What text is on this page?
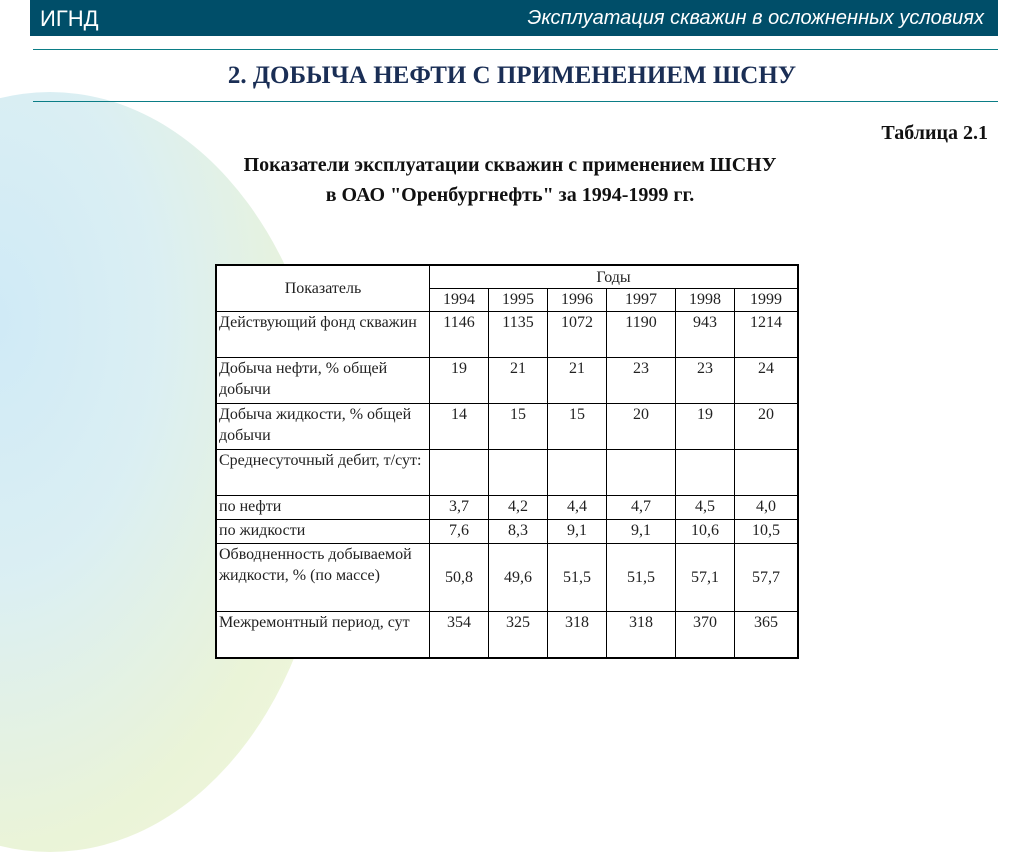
ИГНД	Эксплуатация скважин в осложненных условиях
2. ДОБЫЧА НЕФТИ С ПРИМЕНЕНИЕМ ШСНУ
Таблица 2.1
Показатели эксплуатации скважин с применением ШСНУ
в ОАО "Оренбургнефть" за 1994-1999 гг.
Показатель	Годы					
	1994	1995	1996	1997	1998	1999
Действующий фонд скважин	1146	1135	1072	1190	943	1214
Добыча нефти, % общей добычи	19	21	21	23	23	24
Добыча жидкости, % общей добычи	14	15	15	20	19	20
Среднесуточный дебит, т/сут:						
по нефти	3,7	4,2	4,4	4,7	4,5	4,0
по жидкости	7,6	8,3	9,1	9,1	10,6	10,5
Обводненность добываемой жидкости, % (по массе)	50,8	49,6	51,5	51,5	57,1	57,7
Межремонтный период, сут	354	325	318	318	370	365
